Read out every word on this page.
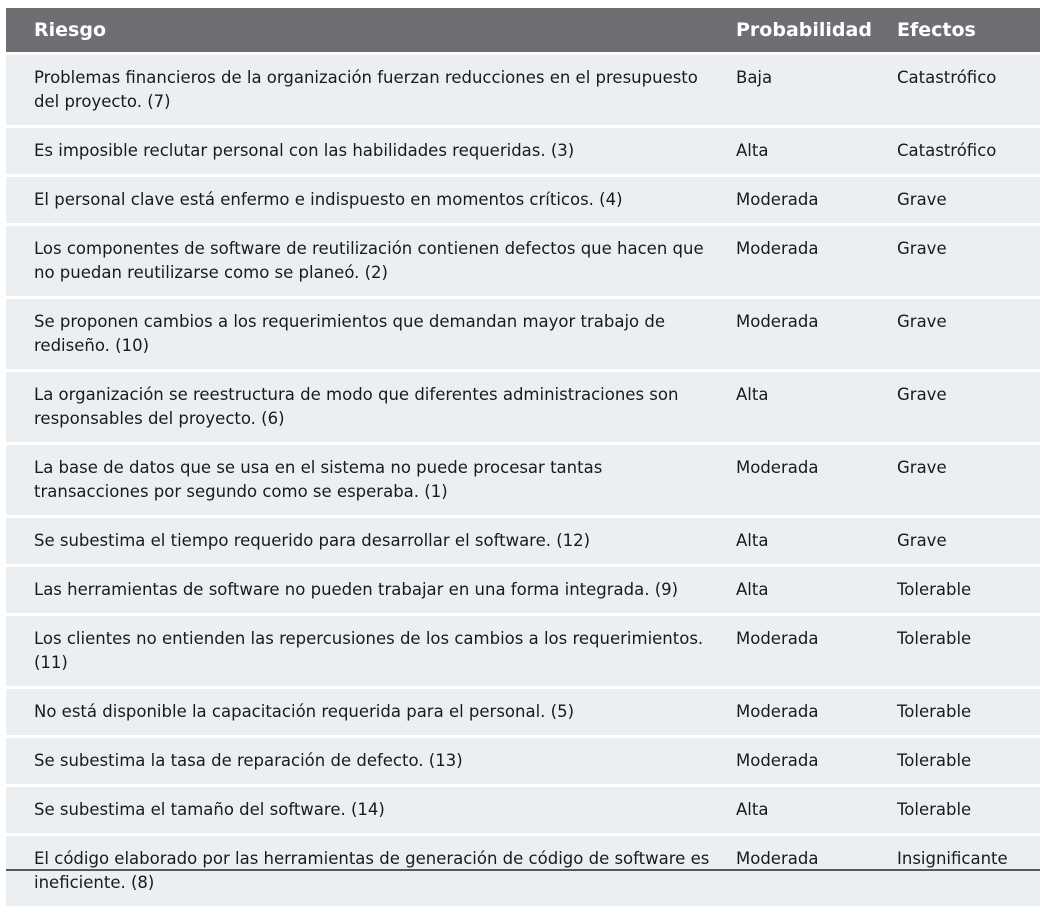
Riesgo	Probabilidad	Efectos
Problemas financieros de la organización fuerzan reducciones en el presupuesto del proyecto. (7)	Baja	Catastrófico
Es imposible reclutar personal con las habilidades requeridas. (3)	Alta	Catastrófico
El personal clave está enfermo e indispuesto en momentos críticos. (4)	Moderada	Grave
Los componentes de software de reutilización contienen defectos que hacen que no puedan reutilizarse como se planeó. (2)	Moderada	Grave
Se proponen cambios a los requerimientos que demandan mayor trabajo de rediseño. (10)	Moderada	Grave
La organización se reestructura de modo que diferentes administraciones son responsables del proyecto. (6)	Alta	Grave
La base de datos que se usa en el sistema no puede procesar tantas transacciones por segundo como se esperaba. (1)	Moderada	Grave
Se subestima el tiempo requerido para desarrollar el software. (12)	Alta	Grave
Las herramientas de software no pueden trabajar en una forma integrada. (9)	Alta	Tolerable
Los clientes no entienden las repercusiones de los cambios a los requerimientos. (11)	Moderada	Tolerable
No está disponible la capacitación requerida para el personal. (5)	Moderada	Tolerable
Se subestima la tasa de reparación de defecto. (13)	Moderada	Tolerable
Se subestima el tamaño del software. (14)	Alta	Tolerable
El código elaborado por las herramientas de generación de código de software es ineficiente. (8)	Moderada	Insignificante
